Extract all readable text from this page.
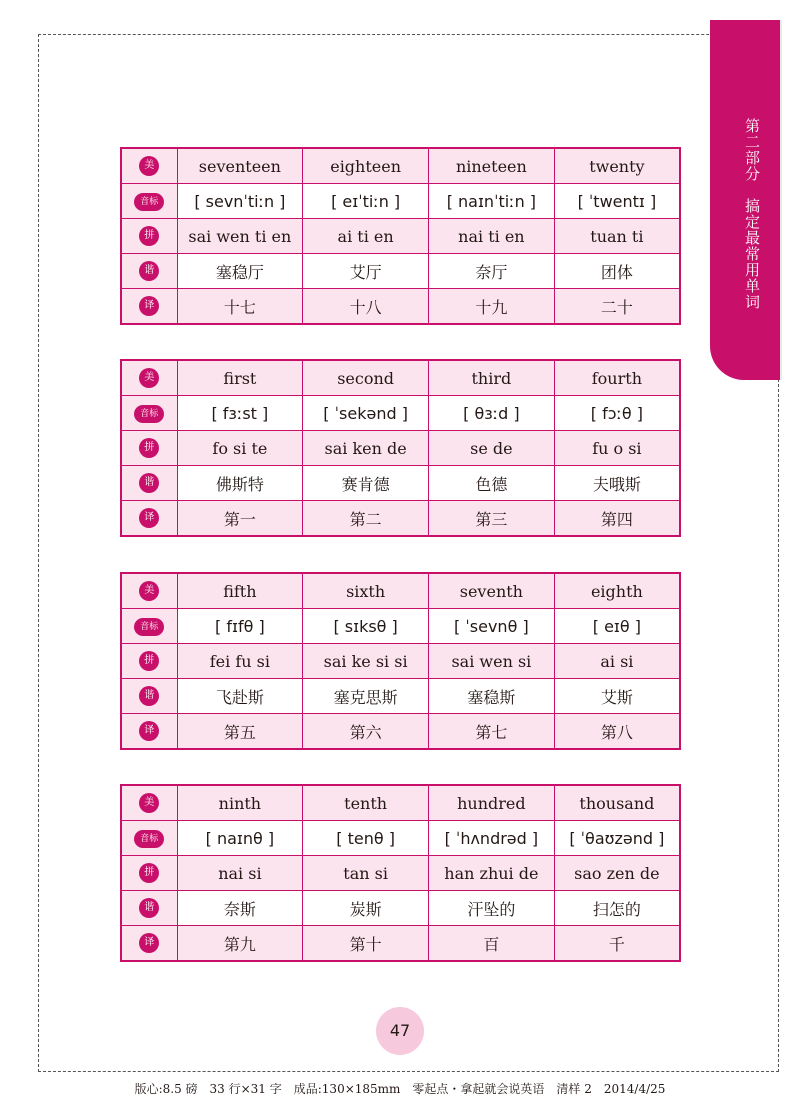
第二部分　搞定最常用单词
美	seventeen	eighteen	nineteen	twenty
音标	[ sevnˈtiːn ]	[ eɪˈtiːn ]	[ naɪnˈtiːn ]	[ ˈtwentɪ ]
拼	sai wen ti en	ai ti en	nai ti en	tuan ti
谐	塞稳厅	艾厅	奈厅	团体
译	十七	十八	十九	二十
美	first	second	third	fourth
音标	[ fɜːst ]	[ ˈsekənd ]	[ θɜːd ]	[ fɔːθ ]
拼	fo si te	sai ken de	se de	fu o si
谐	佛斯特	赛肯德	色德	夫哦斯
译	第一	第二	第三	第四
美	fifth	sixth	seventh	eighth
音标	[ fɪfθ ]	[ sɪksθ ]	[ ˈsevnθ ]	[ eɪθ ]
拼	fei fu si	sai ke si si	sai wen si	ai si
谐	飞赴斯	塞克思斯	塞稳斯	艾斯
译	第五	第六	第七	第八
美	ninth	tenth	hundred	thousand
音标	[ naɪnθ ]	[ tenθ ]	[ ˈhʌndrəd ]	[ ˈθaʊzənd ]
拼	nai si	tan si	han zhui de	sao zen de
谐	奈斯	炭斯	汗坠的	扫怎的
译	第九	第十	百	千
47
版心:8.5 磅　33 行×31 字　成品:130×185mm　零起点・拿起就会说英语　清样 2　2014/4/25
